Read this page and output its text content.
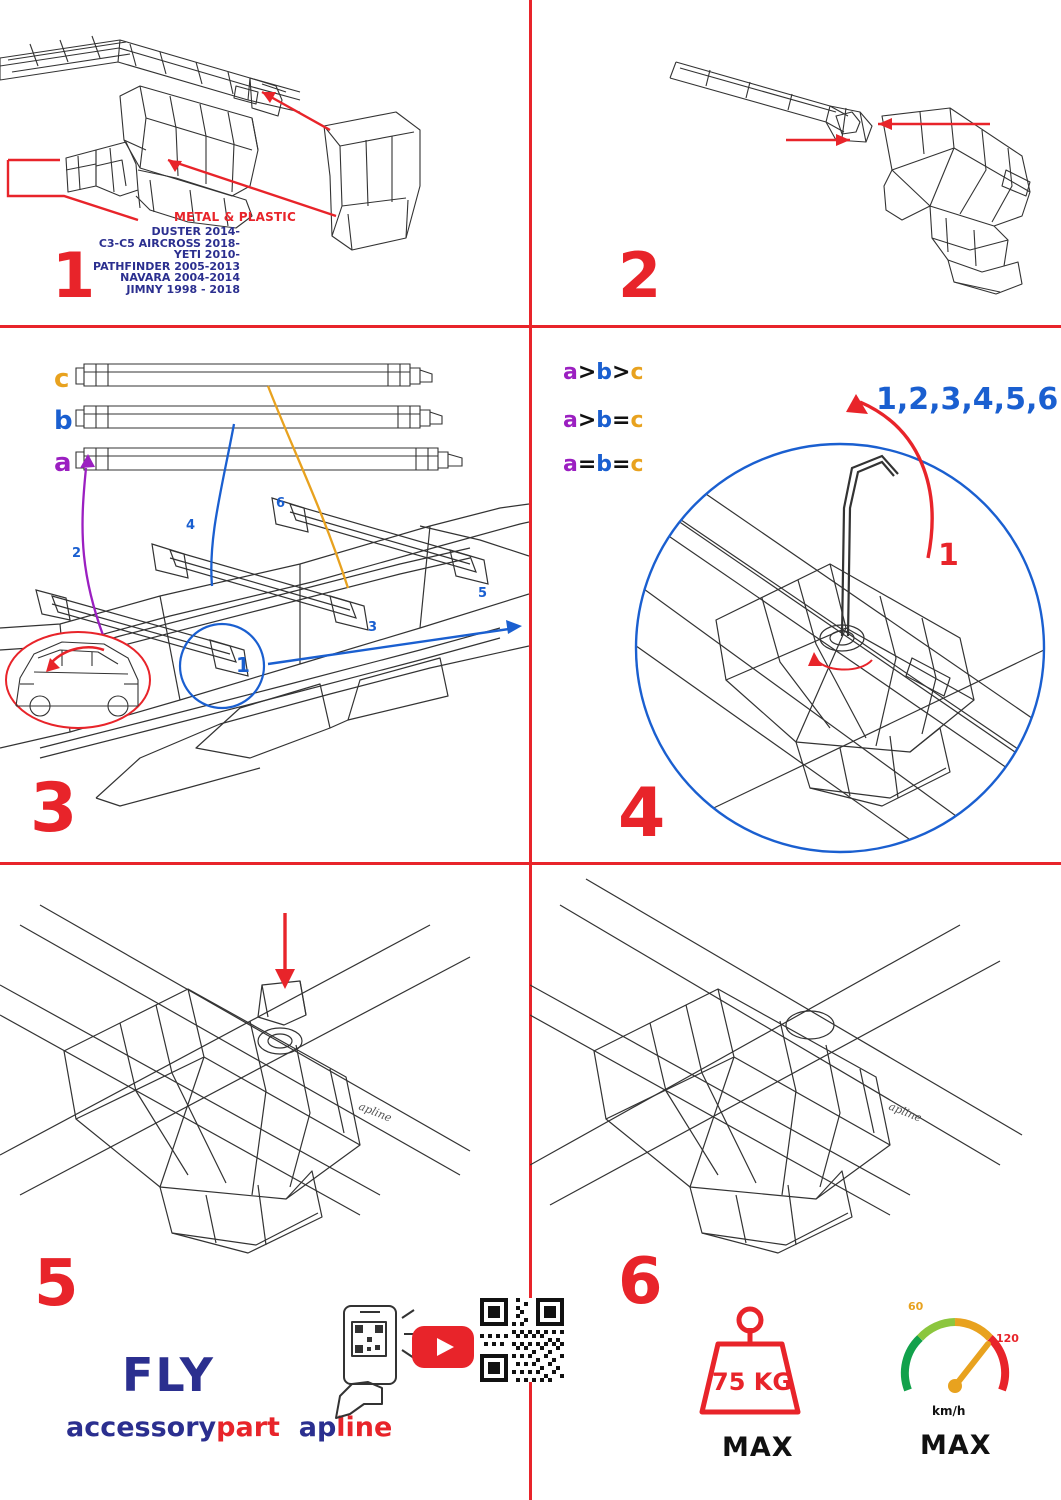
METAL & PLASTIC
DUSTER 2014-
C3-C5 AIRCROSS 2018-
YETI 2010-
PATHFINDER 2005-2013
NAVARA 2004-2014
JIMNY 1998 - 2018
1	2
c
b
a
2
4
6
3
5
1
a>b>c
a>b=c
a=b=c
3
1,2,3,4,5,6
1
4
apline
5
apline
6
FLY
accessorypart apline
75 KG
MAX
60
120
km/h
MAX
